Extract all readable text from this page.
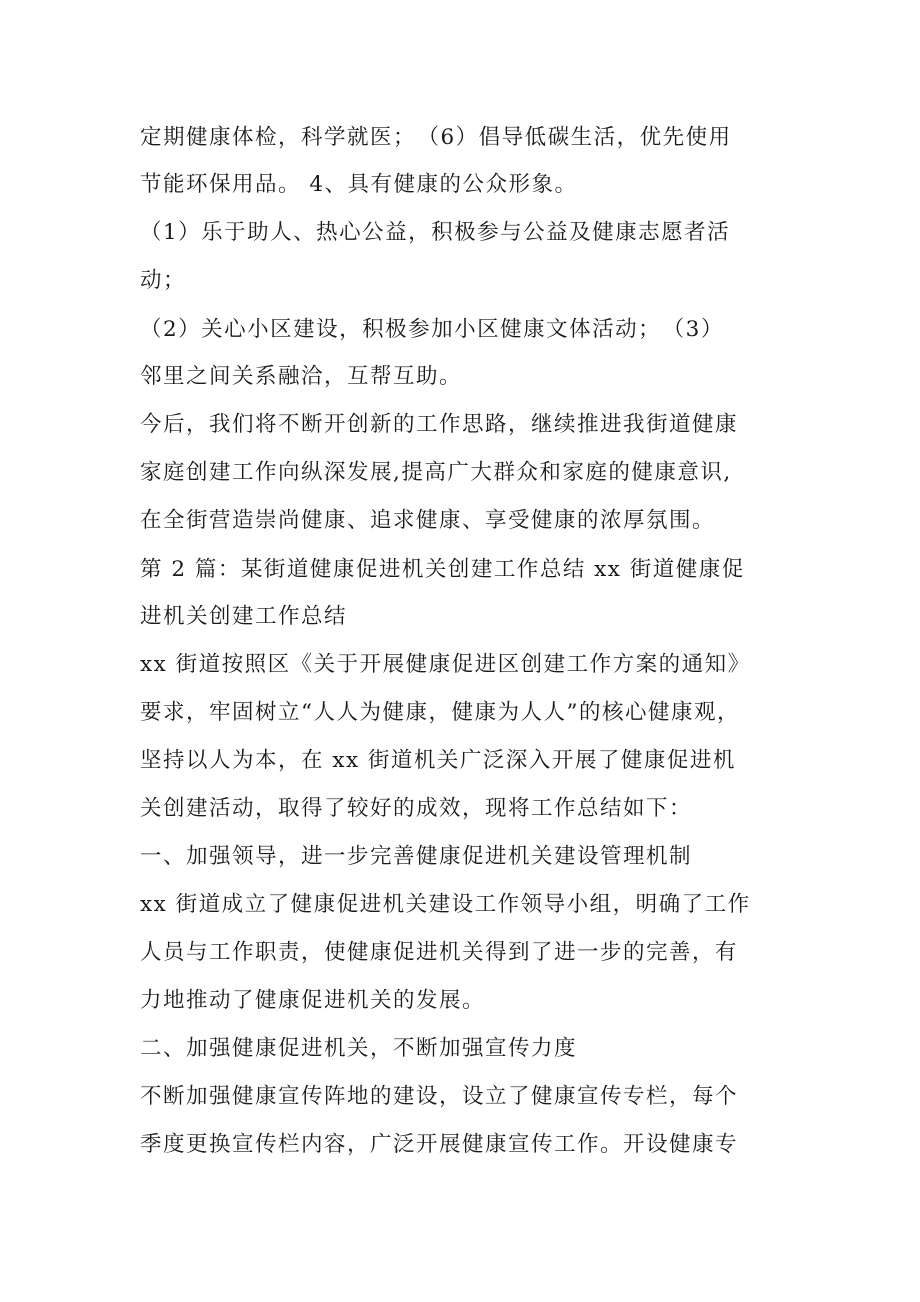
定期健康体检，科学就医；　（6）倡导低碳生活，优先使用

节能环保用品。 4、具有健康的公众形象。

（1）乐于助人、热心公益，积极参与公益及健康志愿者活

动；

（2）关心小区建设，积极参加小区健康文体活动；　（3）

邻里之间关系融洽，互帮互助。

今后，我们将不断开创新的工作思路，继续推进我街道健康

家庭创建工作向纵深发展,提高广大群众和家庭的健康意识,

在全街营造崇尚健康、追求健康、享受健康的浓厚氛围。

第 2 篇：某街道健康促进机关创建工作总结 xx 街道健康促

进机关创建工作总结

xx 街道按照区《关于开展健康促进区创建工作方案的通知》

要求，牢固树立“人人为健康，健康为人人”的核心健康观，

坚持以人为本，在 xx 街道机关广泛深入开展了健康促进机

关创建活动，取得了较好的成效，现将工作总结如下：

一、加强领导，进一步完善健康促进机关建设管理机制

xx 街道成立了健康促进机关建设工作领导小组，明确了工作

人员与工作职责，使健康促进机关得到了进一步的完善，有

力地推动了健康促进机关的发展。

二、加强健康促进机关，不断加强宣传力度

不断加强健康宣传阵地的建设，设立了健康宣传专栏，每个

季度更换宣传栏内容，广泛开展健康宣传工作。开设健康专
